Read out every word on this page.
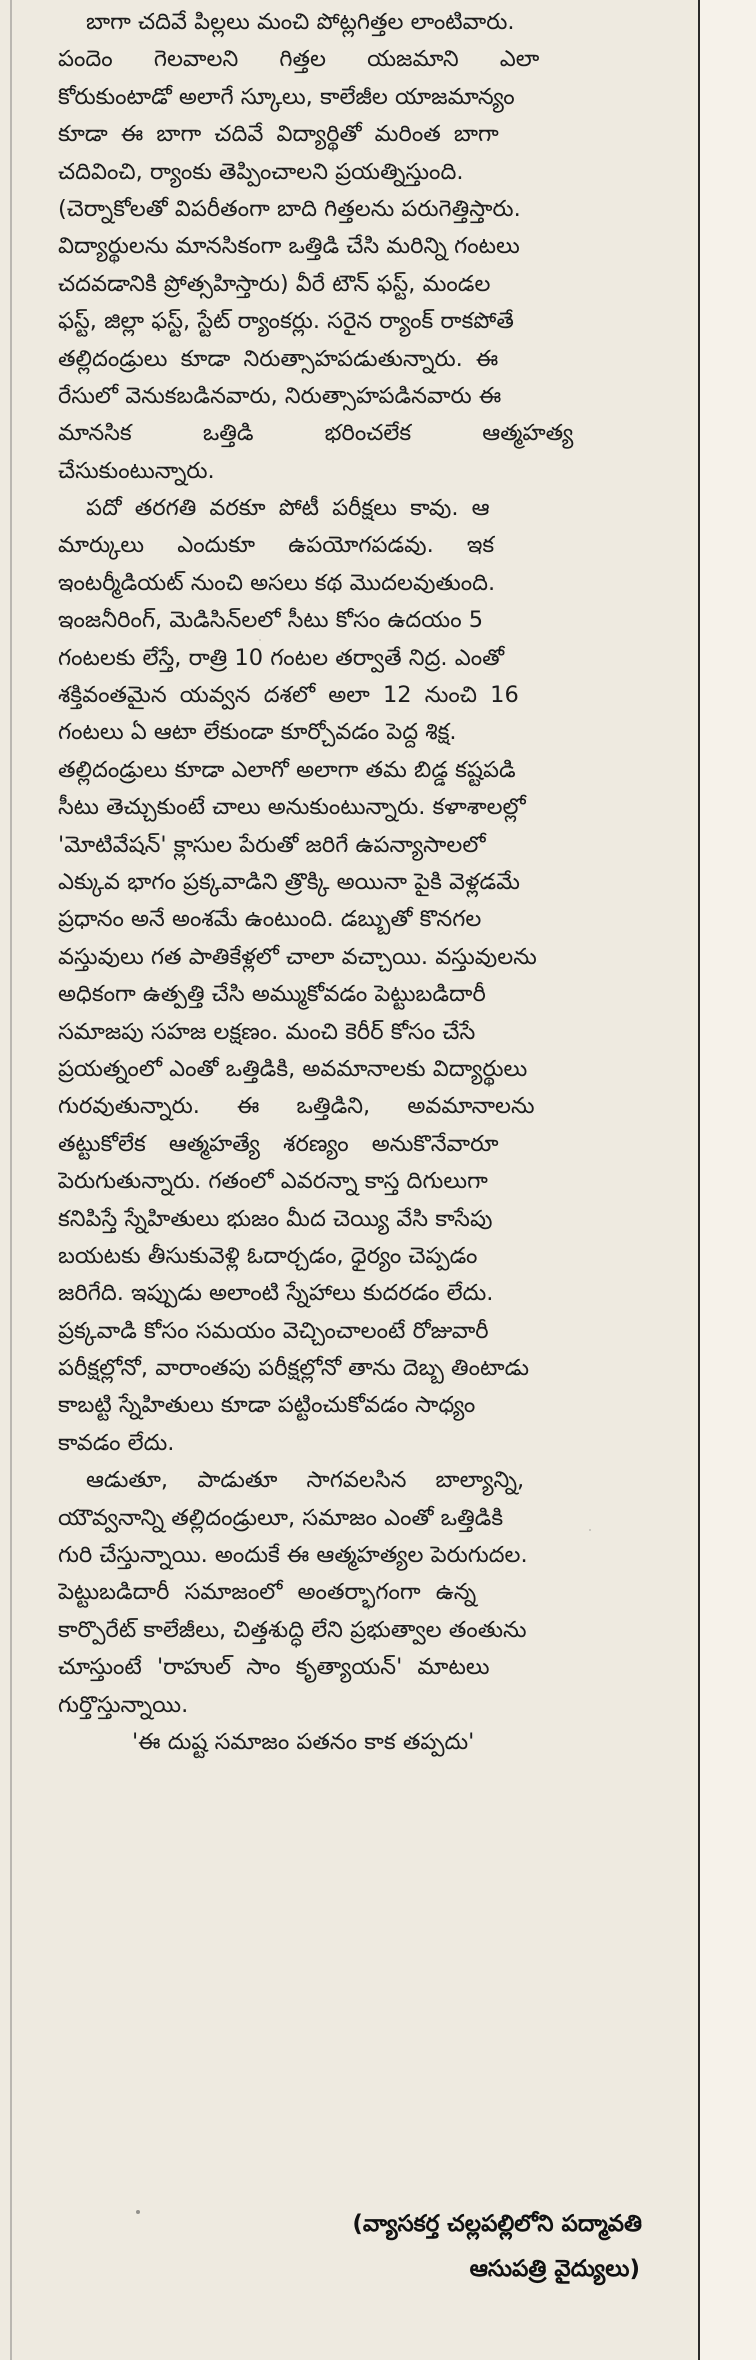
బాగా చదివే పిల్లలు మంచి పోట్లగిత్తల లాంటివారు.
పందెం గెలవాలని గిత్తల యజమాని ఎలా
కోరుకుంటాడో అలాగే స్కూలు, కాలేజీల యాజమాన్యం
కూడా ఈ బాగా చదివే విద్యార్థితో మరింత బాగా
చదివించి, ర్యాంకు తెప్పించాలని ప్రయత్నిస్తుంది.
(చెర్నాకోలతో విపరీతంగా బాది గిత్తలను పరుగెత్తిస్తారు.
విద్యార్థులను మానసికంగా ఒత్తిడి చేసి మరిన్ని గంటలు
చదవడానికి ప్రోత్సహిస్తారు) వీరే టౌన్ ఫస్ట్, మండల
ఫస్ట్, జిల్లా ఫస్ట్, స్టేట్ ర్యాంకర్లు. సరైన ర్యాంక్ రాకపోతే
తల్లిదండ్రులు కూడా నిరుత్సాహపడుతున్నారు. ఈ
రేసులో వెనుకబడినవారు, నిరుత్సాహపడినవారు ఈ
మానసిక ఒత్తిడి భరించలేక ఆత్మహత్య
చేసుకుంటున్నారు.
పదో తరగతి వరకూ పోటీ పరీక్షలు కావు. ఆ
మార్కులు ఎందుకూ ఉపయోగపడవు. ఇక
ఇంటర్మీడియట్ నుంచి అసలు కథ మొదలవుతుంది.
ఇంజనీరింగ్, మెడిసిన్‌లలో సీటు కోసం ఉదయం 5
గంటలకు లేస్తే, రాత్రి 10 గంటల తర్వాతే నిద్ర. ఎంతో
శక్తివంతమైన యవ్వన దశలో అలా 12 నుంచి 16
గంటలు ఏ ఆటా లేకుండా కూర్చోవడం పెద్ద శిక్ష.
తల్లిదండ్రులు కూడా ఎలాగో అలాగా తమ బిడ్డ కష్టపడి
సీటు తెచ్చుకుంటే చాలు అనుకుంటున్నారు. కళాశాలల్లో
'మోటివేషన్' క్లాసుల పేరుతో జరిగే ఉపన్యాసాలలో
ఎక్కువ భాగం ప్రక్కవాడిని త్రొక్కి అయినా పైకి వెళ్లడమే
ప్రధానం అనే అంశమే ఉంటుంది. డబ్బుతో కొనగల
వస్తువులు గత పాతికేళ్లలో చాలా వచ్చాయి. వస్తువులను
అధికంగా ఉత్పత్తి చేసి అమ్ముకోవడం పెట్టుబడిదారీ
సమాజపు సహజ లక్షణం. మంచి కెరీర్ కోసం చేసే
ప్రయత్నంలో ఎంతో ఒత్తిడికి, అవమానాలకు విద్యార్థులు
గురవుతున్నారు. ఈ ఒత్తిడిని, అవమానాలను
తట్టుకోలేక ఆత్మహత్యే శరణ్యం అనుకొనేవారూ
పెరుగుతున్నారు. గతంలో ఎవరన్నా కాస్త దిగులుగా
కనిపిస్తే స్నేహితులు భుజం మీద చెయ్యి వేసి కాసేపు
బయటకు తీసుకువెళ్లి ఓదార్చడం, ధైర్యం చెప్పడం
జరిగేది. ఇప్పుడు అలాంటి స్నేహాలు కుదరడం లేదు.
ప్రక్కవాడి కోసం సమయం వెచ్చించాలంటే రోజువారీ
పరీక్షల్లోనో, వారాంతపు పరీక్షల్లోనో తాను దెబ్బ తింటాడు
కాబట్టి స్నేహితులు కూడా పట్టించుకోవడం సాధ్యం
కావడం లేదు.
ఆడుతూ, పాడుతూ సాగవలసిన బాల్యాన్ని,
యౌవ్వనాన్ని తల్లిదండ్రులూ, సమాజం ఎంతో ఒత్తిడికి
గురి చేస్తున్నాయి. అందుకే ఈ ఆత్మహత్యల పెరుగుదల.
పెట్టుబడిదారీ సమాజంలో అంతర్భాగంగా ఉన్న
కార్పొరేట్ కాలేజీలు, చిత్తశుద్ధి లేని ప్రభుత్వాల తంతును
చూస్తుంటే 'రాహుల్ సాం కృత్యాయన్' మాటలు
గుర్తొస్తున్నాయి.
'ఈ దుష్ట సమాజం పతనం కాక తప్పదు'
(వ్యాసకర్త చల్లపల్లిలోని పద్మావతి
ఆసుపత్రి వైద్యులు)
